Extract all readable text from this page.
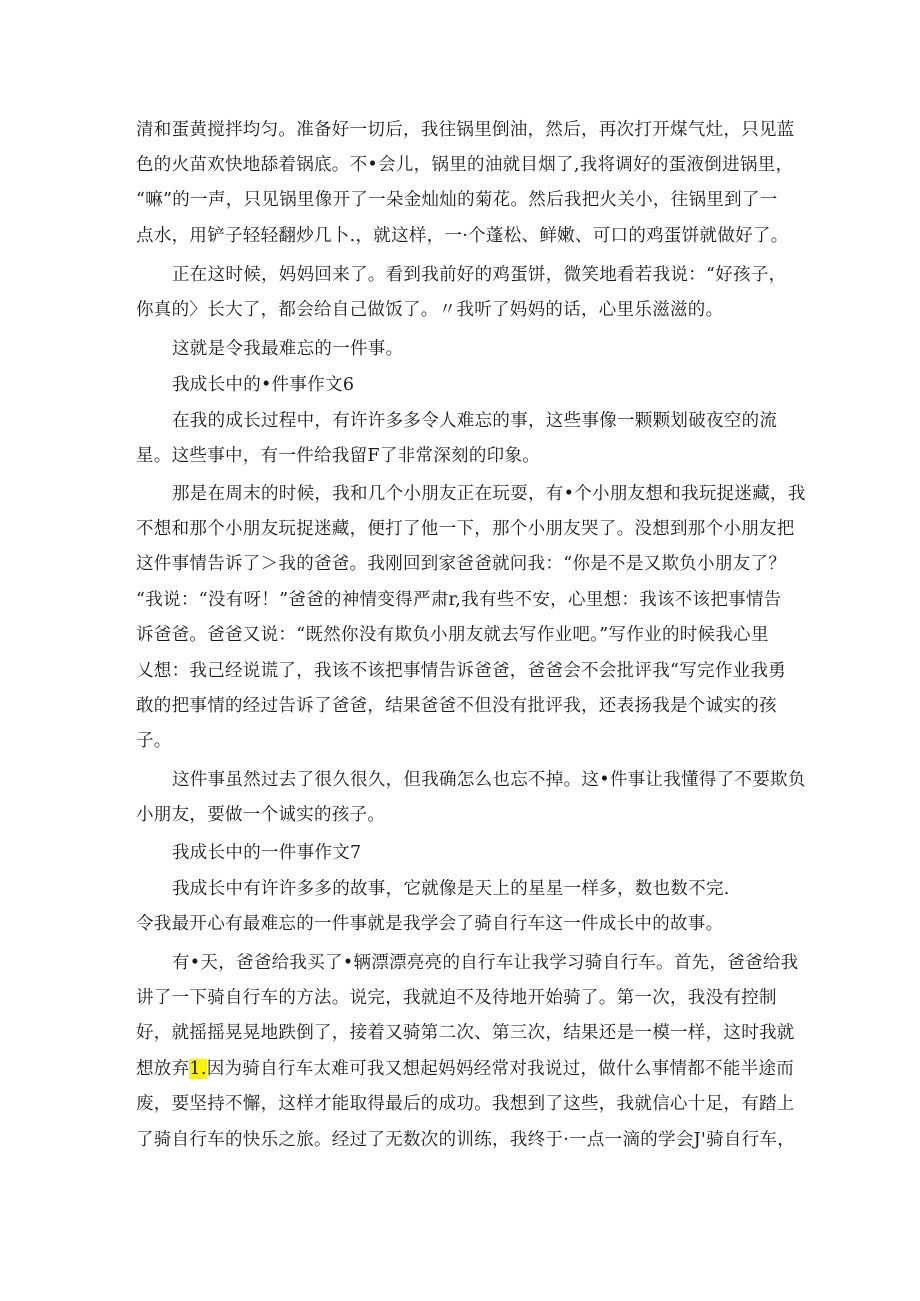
清和蛋黄搅拌均匀。准备好一切后，我往锅里倒油，然后，再次打开煤气灶，只见蓝
色的火苗欢快地舔着锅底。不•会儿，锅里的油就目烟了,我将调好的蛋液倒进锅里，
“嘛”的一声，只见锅里像开了一朵金灿灿的菊花。然后我把火关小，往锅里到了一
点水，用铲子轻轻翻炒几卜.，就这样，一·个蓬松、鲜嫩、可口的鸡蛋饼就做好了。
正在这时候，妈妈回来了。看到我前好的鸡蛋饼，微笑地看若我说：“好孩子，
你真的〉长大了，都会给自己做饭了。〃我听了妈妈的话，心里乐滋滋的。
这就是令我最难忘的一件事。
我成长中的•件事作文6
在我的成长过程中，有许许多多令人难忘的事，这些事像一颗颗划破夜空的流
星。这些事中，有一件给我留F了非常深刻的印象。
那是在周末的时候，我和几个小朋友正在玩耍，有•个小朋友想和我玩捉迷藏，我
不想和那个小朋友玩捉迷藏，便打了他一下，那个小朋友哭了。没想到那个小朋友把
这件事情告诉了＞我的爸爸。我刚回到家爸爸就问我：“你是不是又欺负小朋友了？
“我说：“没有呀！”爸爸的神情变得严肃r,我有些不安，心里想：我该不该把事情告
诉爸爸。爸爸又说：“既然你没有欺负小朋友就去写作业吧。”写作业的时候我心里
乂想：我己经说谎了，我该不该把事情告诉爸爸，爸爸会不会批评我“写完作业我勇
敢的把事情的经过告诉了爸爸，结果爸爸不但没有批评我，还表扬我是个诚实的孩
子。
这件事虽然过去了很久很久，但我确怎么也忘不掉。这•件事让我懂得了不要欺负
小朋友，要做一个诚实的孩子。
我成长中的一件事作文7
我成长中有许许多多的故事，它就像是天上的星星一样多，数也数不完.
令我最开心有最难忘的一件事就是我学会了骑自行车这一件成长中的故事。
有•天，爸爸给我买了•辆漂漂亮亮的自行车让我学习骑自行车。首先，爸爸给我
讲了一下骑自行车的方法。说完，我就迫不及待地开始骑了。第一次，我没有控制
好，就摇摇晃晃地跌倒了，接着又骑第二次、第三次，结果还是一模一样，这时我就
想放弃1.因为骑自行车太难可我又想起妈妈经常对我说过，做什么事情都不能半途而
废，要坚持不懈，这样才能取得最后的成功。我想到了这些，我就信心十足，有踏上
了骑自行车的快乐之旅。经过了无数次的训练，我终于·一点一滴的学会J'骑自行车，
